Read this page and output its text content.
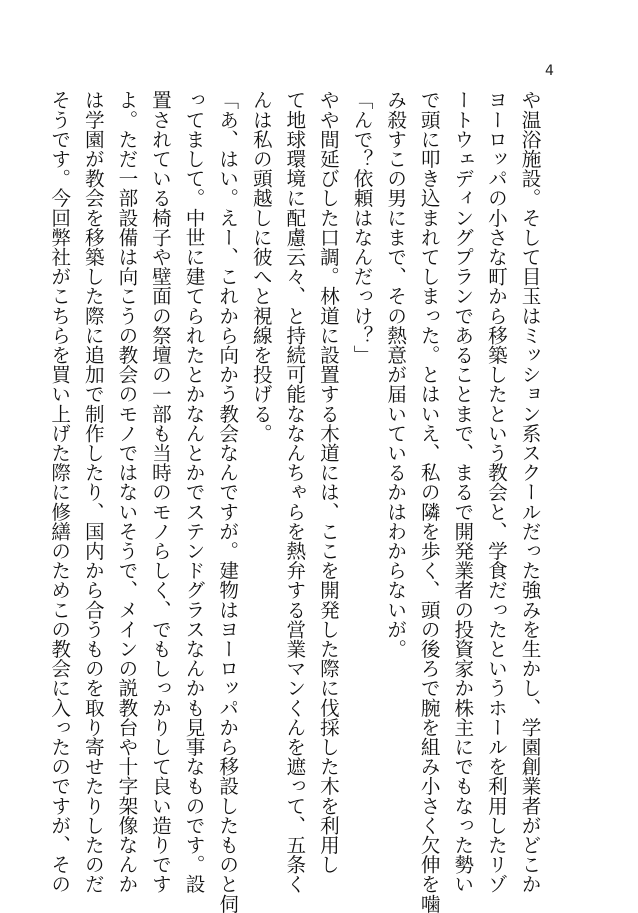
4
や温浴施設。そして目玉はミッション系スクールだった強みを生かし、学園創業者がどこか
ヨーロッパの小さな町から移築したという教会と、学食だったというホールを利用したリゾ
ートウェディングプランであることまで、まるで開発業者の投資家か株主にでもなった勢い
で頭に叩き込まれてしまった。とはいえ、私の隣を歩く、頭の後ろで腕を組み小さく欠伸を噛
み殺すこの男にまで、その熱意が届いているかはわからないが。
「んで？依頼はなんだっけ？」
やや間延びした口調。林道に設置する木道には、ここを開発した際に伐採した木を利用し
て地球環境に配慮云々、と持続可能ななんちゃらを熱弁する営業マンくんを遮って、五条く
んは私の頭越しに彼へと視線を投げる。
「あ、はい。えー、これから向かう教会なんですが。建物はヨーロッパから移設したものと伺
ってまして。中世に建てられたとかなんとかでステンドグラスなんかも見事なものです。設
置されている椅子や壁面の祭壇の一部も当時のモノらしく、でもしっかりして良い造りです
よ。ただ一部設備は向こうの教会のモノではないそうで、メインの説教台や十字架像なんか
は学園が教会を移築した際に追加で制作したり、国内から合うものを取り寄せたりしたのだ
そうです。今回弊社がこちらを買い上げた際に修繕のためこの教会に入ったのですが、その
